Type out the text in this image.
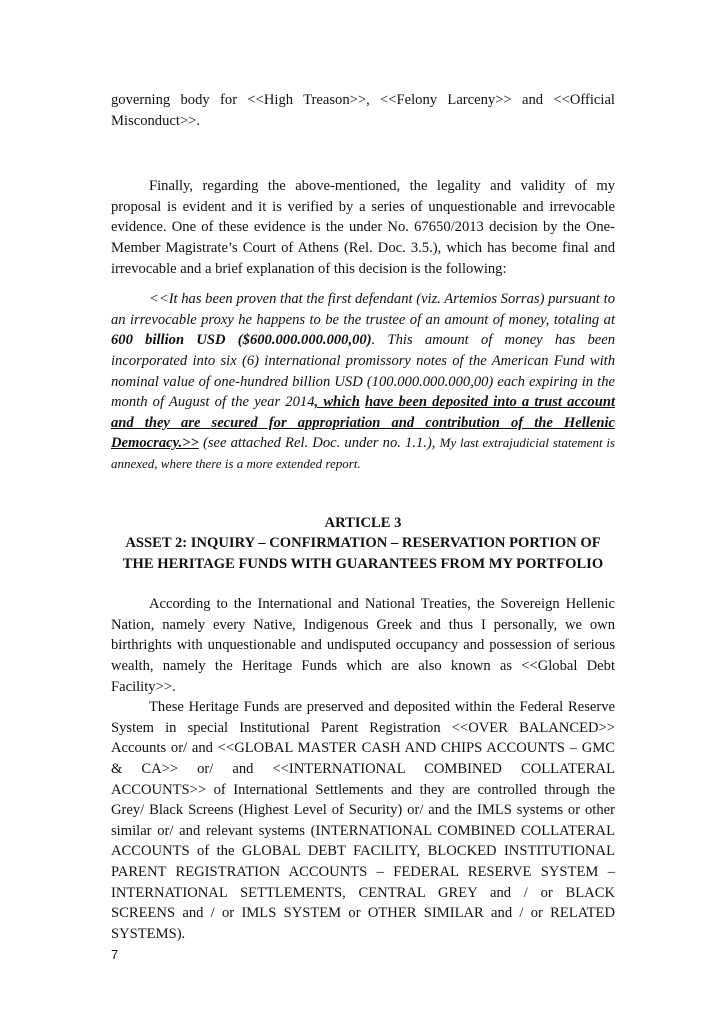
governing body for <<High Treason>>, <<Felony Larceny>> and <<Official Misconduct>>.

Finally, regarding the above-mentioned, the legality and validity of my proposal is evident and it is verified by a series of unquestionable and irrevocable evidence. One of these evidence is the under No. 67650/2013 decision by the One-Member Magistrate’s Court of Athens (Rel. Doc. 3.5.), which has become final and irrevocable and a brief explanation of this decision is the following:

<<It has been proven that the first defendant (viz. Artemios Sorras) pursuant to an irrevocable proxy he happens to be the trustee of an amount of money, totaling at 600 billion USD ($600.000.000.000,00). This amount of money has been incorporated into six (6) international promissory notes of the American Fund with nominal value of one-hundred billion USD (100.000.000.000,00) each expiring in the month of August of the year 2014, which have been deposited into a trust account and they are secured for appropriation and contribution of the Hellenic Democracy.>> (see attached Rel. Doc. under no. 1.1.), My last extrajudicial statement is annexed, where there is a more extended report.

ARTICLE 3
ASSET 2: INQUIRY – CONFIRMATION – RESERVATION PORTION OF THE HERITAGE FUNDS WITH GUARANTEES FROM MY PORTFOLIO

According to the International and National Treaties, the Sovereign Hellenic Nation, namely every Native, Indigenous Greek and thus I personally, we own birthrights with unquestionable and undisputed occupancy and possession of serious wealth, namely the Heritage Funds which are also known as <<Global Debt Facility>>.

These Heritage Funds are preserved and deposited within the Federal Reserve System in special Institutional Parent Registration <<OVER BALANCED>> Accounts or/ and <<GLOBAL MASTER CASH AND CHIPS ACCOUNTS – GMC & CA>> or/ and <<INTERNATIONAL COMBINED COLLATERAL ACCOUNTS>> of International Settlements and they are controlled through the Grey/ Black Screens (Highest Level of Security) or/ and the IMLS systems or other similar or/ and relevant systems (INTERNATIONAL COMBINED COLLATERAL ACCOUNTS of the GLOBAL DEBT FACILITY, BLOCKED INSTITUTIONAL PARENT REGISTRATION ACCOUNTS – FEDERAL RESERVE SYSTEM – INTERNATIONAL SETTLEMENTS, CENTRAL GREY and / or BLACK SCREENS and / or IMLS SYSTEM or OTHER SIMILAR and / or RELATED SYSTEMS).

7
